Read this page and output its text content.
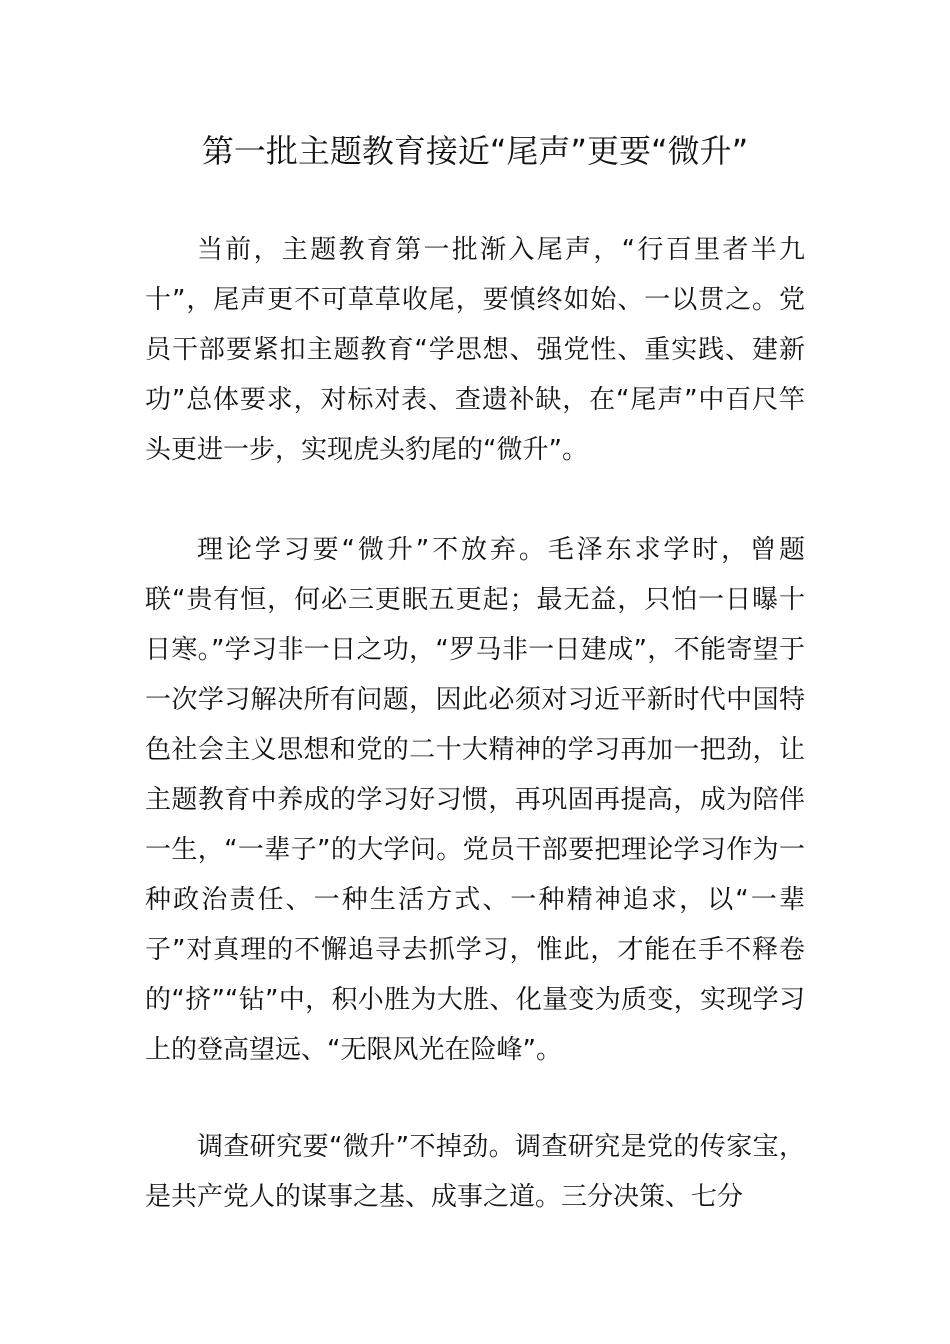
第一批主题教育接近“尾声”更要“微升”

当前，主题教育第一批渐入尾声，“行百里者半九十”，尾声更不可草草收尾，要慎终如始、一以贯之。党员干部要紧扣主题教育“学思想、强党性、重实践、建新功”总体要求，对标对表、查遗补缺，在“尾声”中百尺竿头更进一步，实现虎头豹尾的“微升”。

理论学习要“微升”不放弃。毛泽东求学时，曾题联“贵有恒，何必三更眠五更起；最无益，只怕一日曝十日寒。”学习非一日之功，“罗马非一日建成”，不能寄望于一次学习解决所有问题，因此必须对习近平新时代中国特色社会主义思想和党的二十大精神的学习再加一把劲，让主题教育中养成的学习好习惯，再巩固再提高，成为陪伴一生，“一辈子”的大学问。党员干部要把理论学习作为一种政治责任、一种生活方式、一种精神追求，以“一辈子”对真理的不懈追寻去抓学习，惟此，才能在手不释卷的“挤”“钻”中，积小胜为大胜、化量变为质变，实现学习上的登高望远、“无限风光在险峰”。

调查研究要“微升”不掉劲。调查研究是党的传家宝，是共产党人的谋事之基、成事之道。三分决策、七分
